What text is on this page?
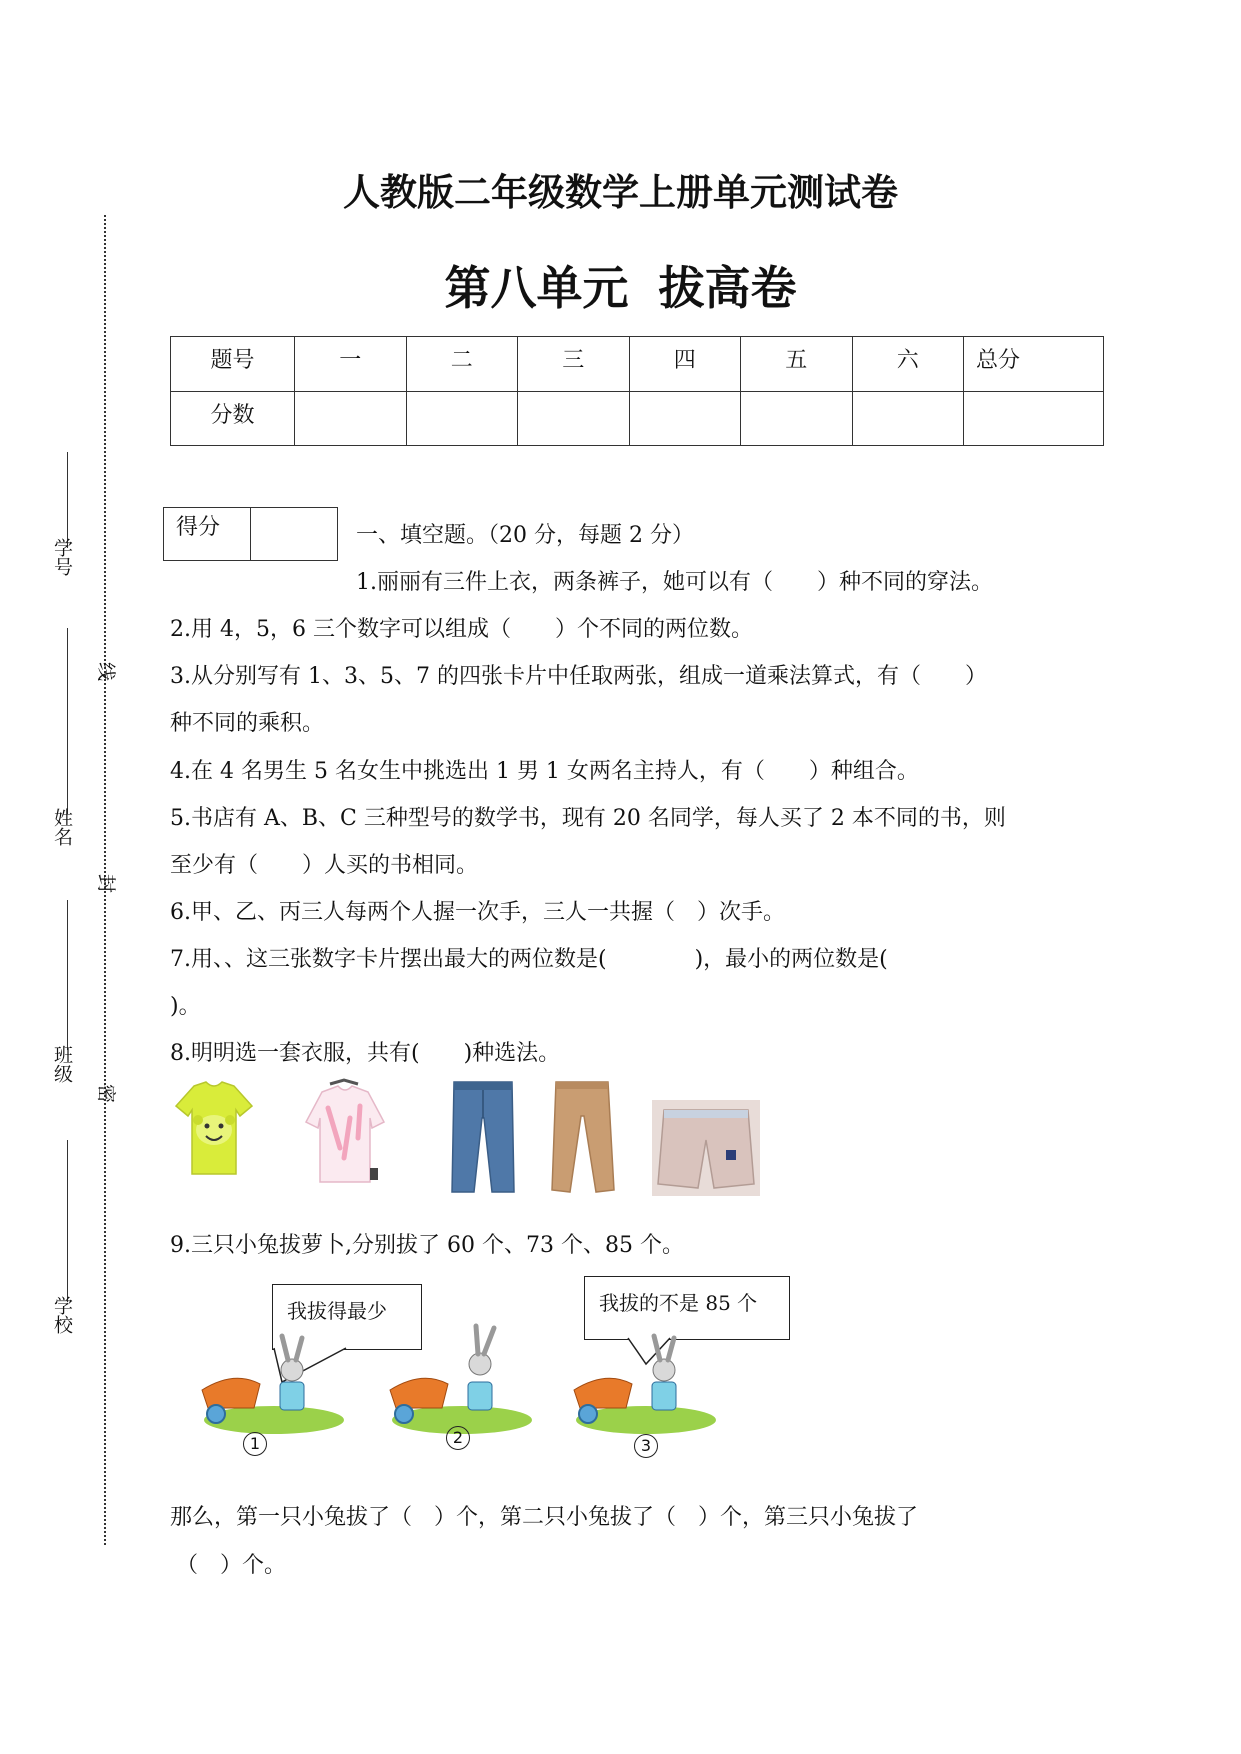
学号
姓名
班级
学校
线
封
密
人教版二年级数学上册单元测试卷
第八单元 拔高卷
题号	一	二	三	四	五	六	总分
分数							
得分	一、填空题。（20 分，每题 2 分）
1.丽丽有三件上衣，两条裤子，她可以有（　　）种不同的穿法。
2.用 4，5，6 三个数字可以组成（　　）个不同的两位数。
3.从分别写有 1、3、5、7 的四张卡片中任取两张，组成一道乘法算式，有（　　）
种不同的乘积。
4.在 4 名男生 5 名女生中挑选出 1 男 1 女两名主持人，有（　　）种组合。
5.书店有 A、B、C 三种型号的数学书，现有 20 名同学，每人买了 2 本不同的书，则
至少有（　　）人买的书相同。
6.甲、乙、丙三人每两个人握一次手，三人一共握（　）次手。
7.用、、这三张数字卡片摆出最大的两位数是(　　　　)，最小的两位数是(
)。
8.明明选一套衣服，共有(　　)种选法。
9.三只小兔拔萝卜,分别拔了 60 个、73 个、85 个。
我拔得最少	我拔的不是 85 个
1	2	3
那么，第一只小兔拔了（　）个，第二只小兔拔了（　）个，第三只小兔拔了
（　）个。
